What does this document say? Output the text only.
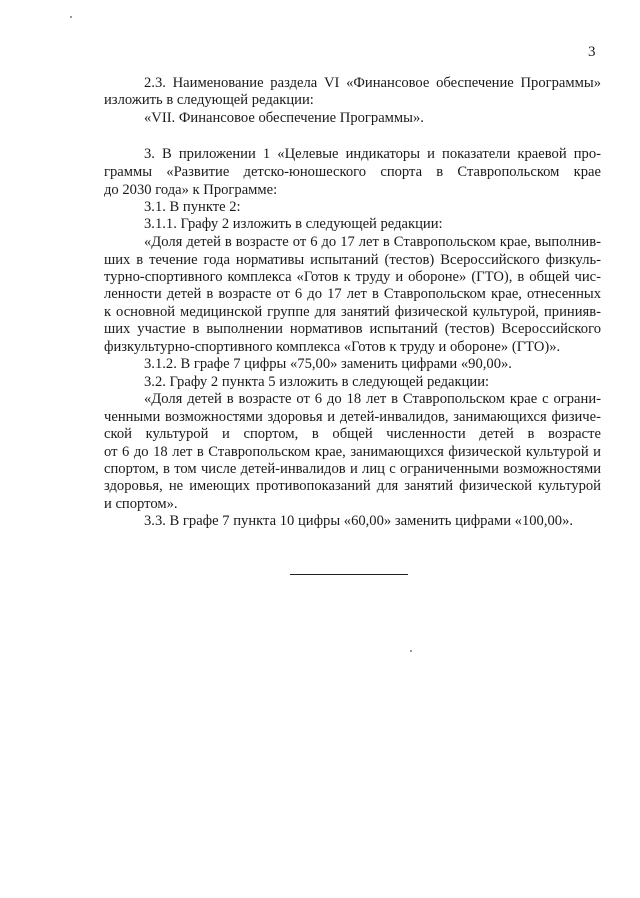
3
2.3. Наименование раздела VI «Финансовое обеспечение Программы»
изложить в следующей редакции:
«VII. Финансовое обеспечение Программы».
3. В приложении 1 «Целевые индикаторы и показатели краевой про-
граммы «Развитие детско-юношеского спорта в Ставропольском крае
до 2030 года» к Программе:
3.1. В пункте 2:
3.1.1. Графу 2 изложить в следующей редакции:
«Доля детей в возрасте от 6 до 17 лет в Ставропольском крае, выполнив-
ших в течение года нормативы испытаний (тестов) Всероссийского физкуль-
турно-спортивного комплекса «Готов к труду и обороне» (ГТО), в общей чис-
ленности детей в возрасте от 6 до 17 лет в Ставропольском крае, отнесенных
к основной медицинской группе для занятий физической культурой, принияв-
ших участие в выполнении нормативов испытаний (тестов) Всероссийского
физкультурно-спортивного комплекса «Готов к труду и обороне» (ГТО)».
3.1.2. В графе 7 цифры «75,00» заменить цифрами «90,00».
3.2. Графу 2 пункта 5 изложить в следующей редакции:
«Доля детей в возрасте от 6 до 18 лет в Ставропольском крае с ограни-
ченными возможностями здоровья и детей-инвалидов, занимающихся физиче-
ской культурой и спортом, в общей численности детей в возрасте
от 6 до 18 лет в Ставропольском крае, занимающихся физической культурой и
спортом, в том числе детей-инвалидов и лиц с ограниченными возможностями
здоровья, не имеющих противопоказаний для занятий физической культурой
и спортом».
3.3. В графе 7 пункта 10 цифры «60,00» заменить цифрами «100,00».
